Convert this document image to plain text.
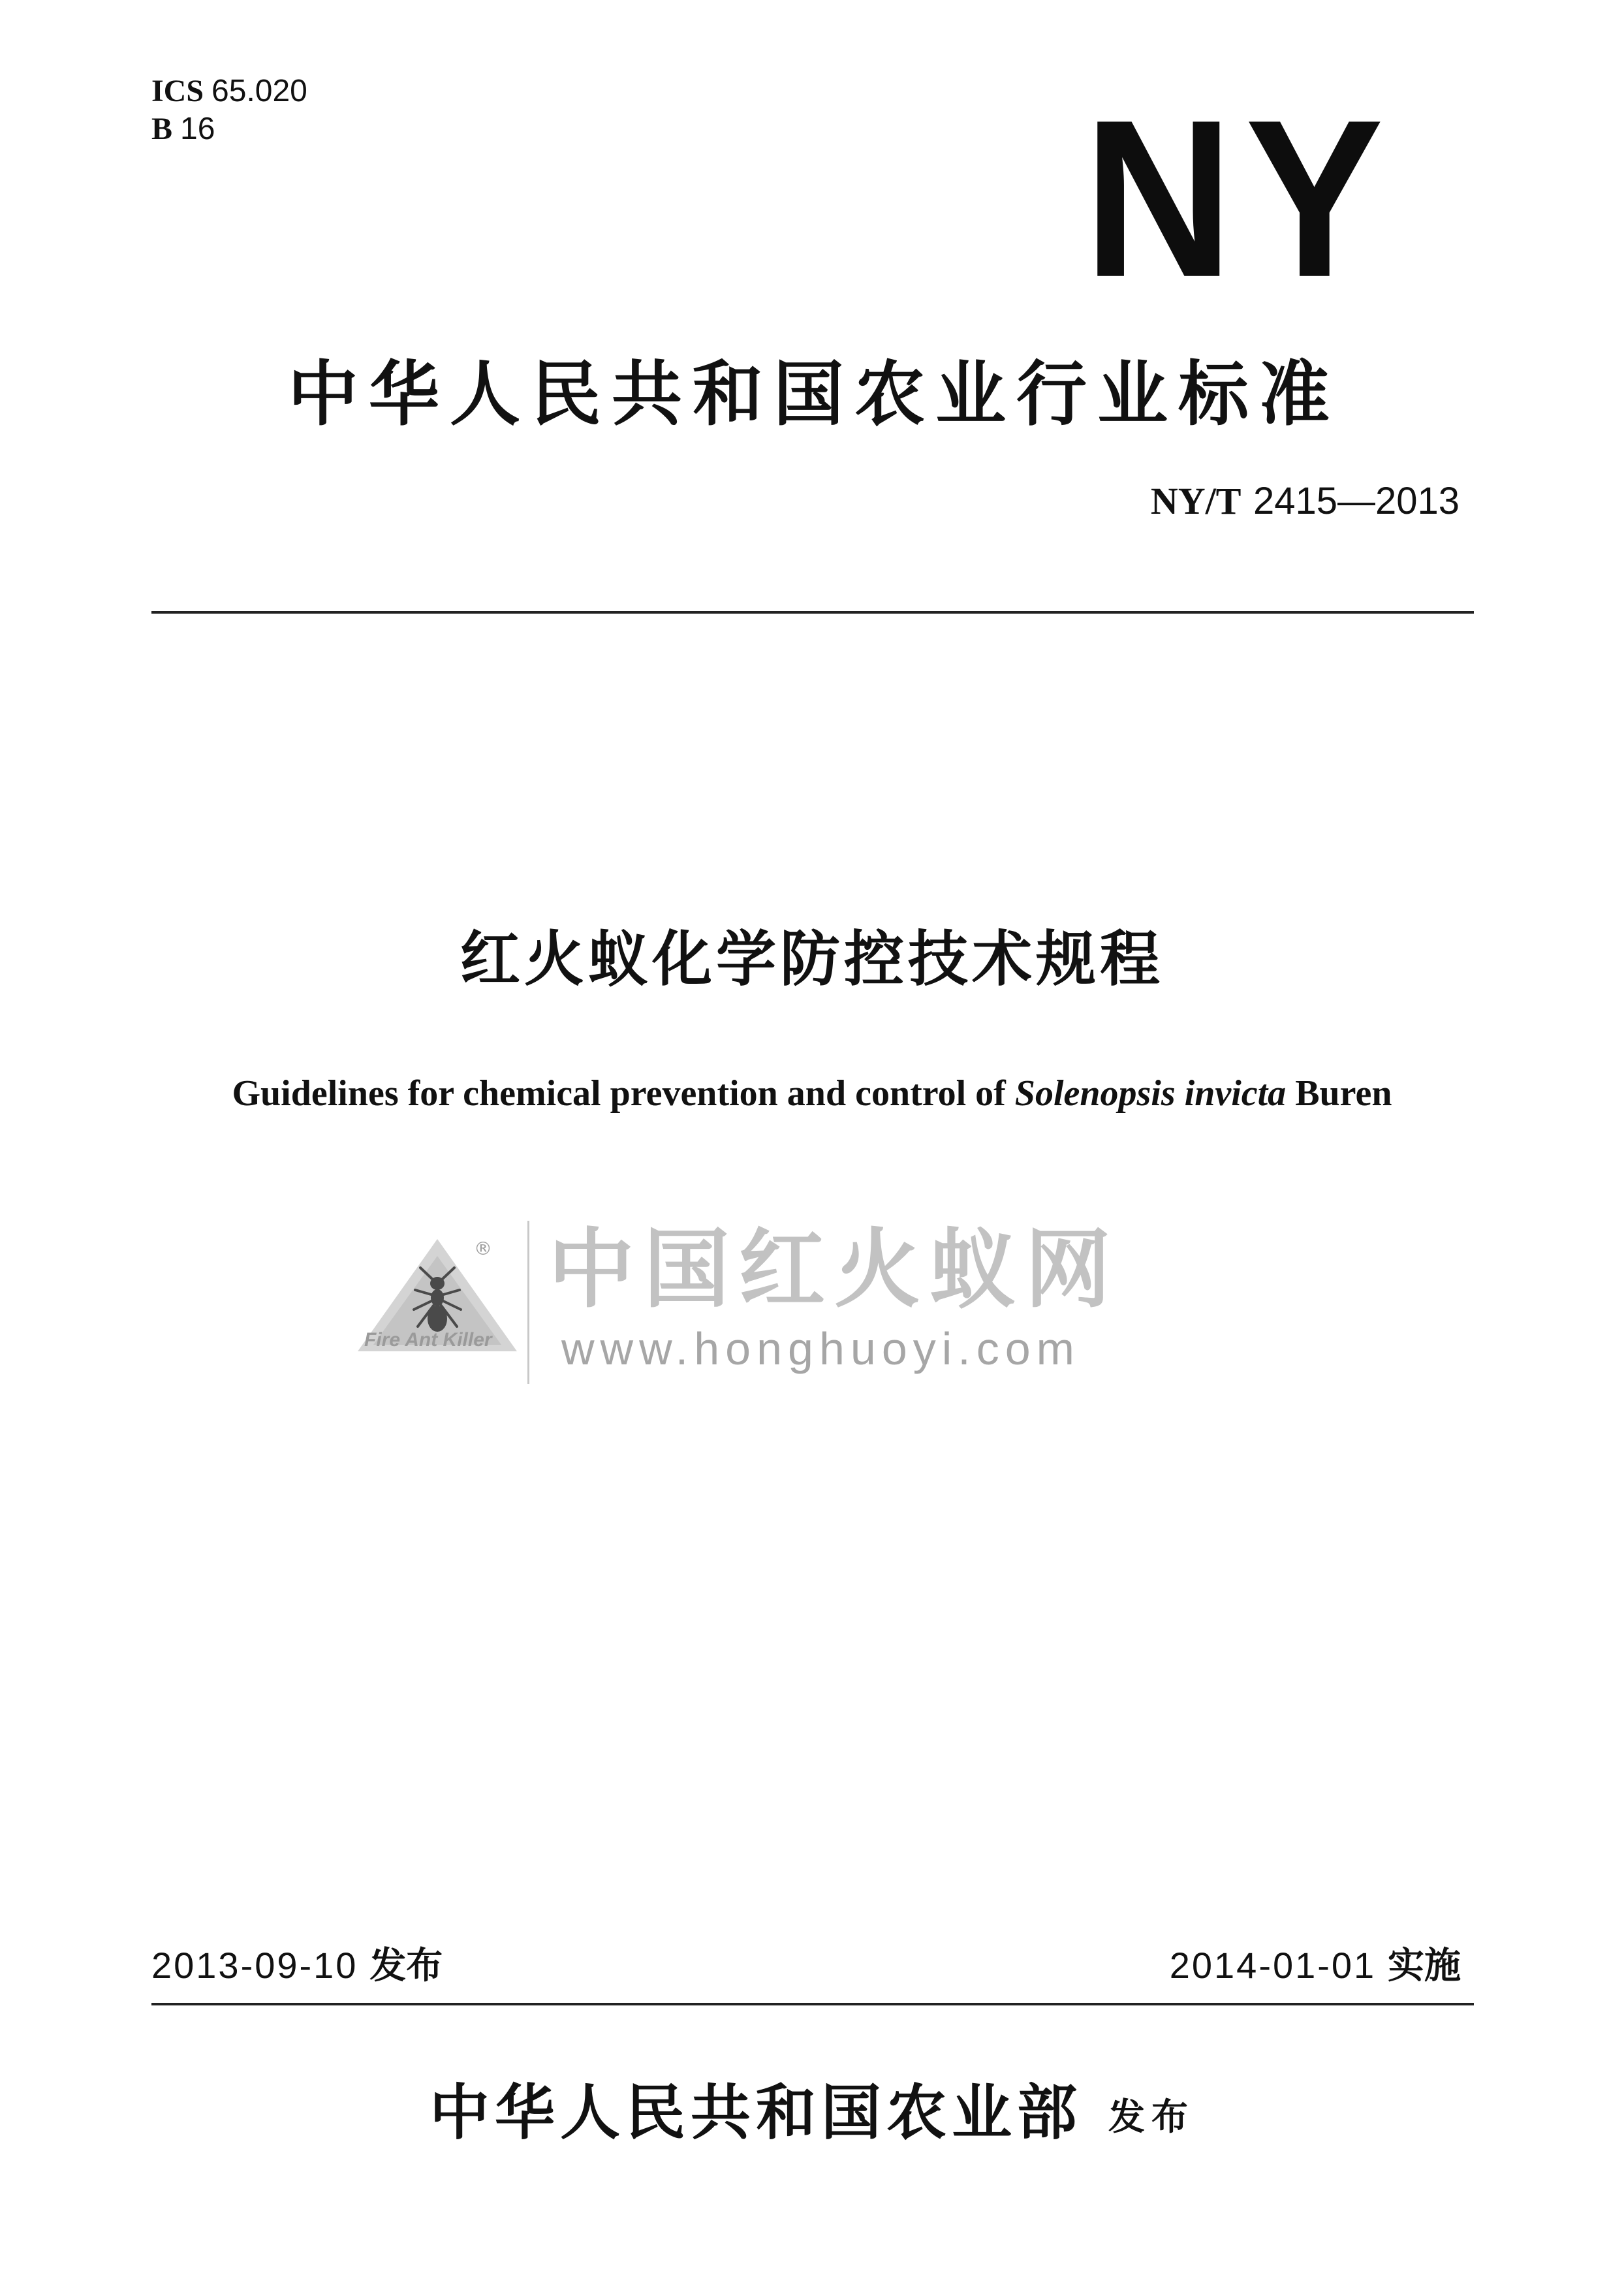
ICS 65.020
B 16	NY
中华人民共和国农业行业标准
NY/T 2415—2013
红火蚁化学防控技术规程
Guidelines for chemical prevention and control of Solenopsis invicta Buren
®
Fire Ant Killer
中国红火蚁网
www.honghuoyi.com
2013-09-10 发布	2014-01-01 实施
中华人民共和国农业部 发布
